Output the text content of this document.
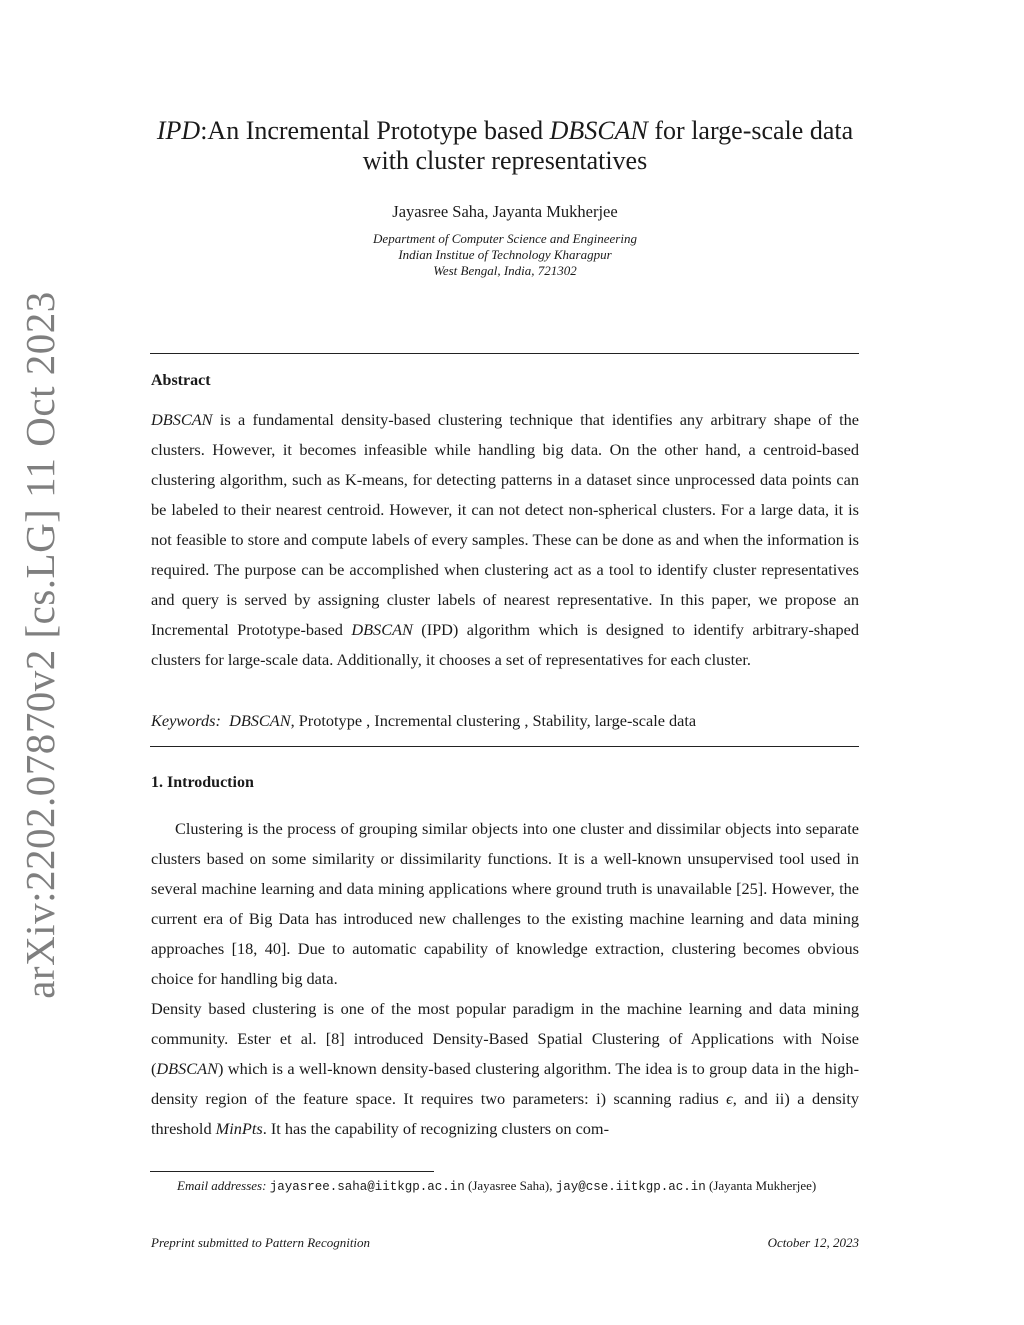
arXiv:2202.07870v2 [cs.LG] 11 Oct 2023
IPD:An Incremental Prototype based DBSCAN for large-scale data
with cluster representatives
Jayasree Saha, Jayanta Mukherjee
Department of Computer Science and Engineering
Indian Institue of Technology Kharagpur
West Bengal, India, 721302
Abstract
DBSCAN is a fundamental density-based clustering technique that identifies any arbitrary shape of the clusters. However, it becomes infeasible while handling big data. On the other hand, a centroid-based clustering algorithm, such as K-means, for detecting patterns in a dataset since unprocessed data points can be labeled to their nearest centroid. However, it can not detect non-spherical clusters. For a large data, it is not feasible to store and compute labels of every samples. These can be done as and when the information is required. The purpose can be accomplished when clustering act as a tool to identify cluster representatives and query is served by assigning cluster labels of nearest representative. In this paper, we propose an Incremental Prototype-based DBSCAN (IPD) algorithm which is designed to identify arbitrary-shaped clusters for large-scale data. Additionally, it chooses a set of representatives for each cluster.
Keywords: DBSCAN, Prototype , Incremental clustering , Stability, large-scale data
1. Introduction
Clustering is the process of grouping similar objects into one cluster and dissimilar objects into separate clusters based on some similarity or dissimilarity functions. It is a well-known unsupervised tool used in several machine learning and data mining applications where ground truth is unavailable [25]. However, the current era of Big Data has introduced new challenges to the existing machine learning and data mining approaches [18, 40]. Due to automatic capability of knowledge extraction, clustering becomes obvious choice for handling big data.
Density based clustering is one of the most popular paradigm in the machine learning and data mining community. Ester et al. [8] introduced Density-Based Spatial Clustering of Applications with Noise (DBSCAN) which is a well-known density-based clustering algorithm. The idea is to group data in the high-density region of the feature space. It requires two parameters: i) scanning radius ϵ, and ii) a density threshold MinPts. It has the capability of recognizing clusters on com-
Email addresses: jayasree.saha@iitkgp.ac.in (Jayasree Saha), jay@cse.iitkgp.ac.in (Jayanta Mukherjee)
Preprint submitted to Pattern Recognition	October 12, 2023
